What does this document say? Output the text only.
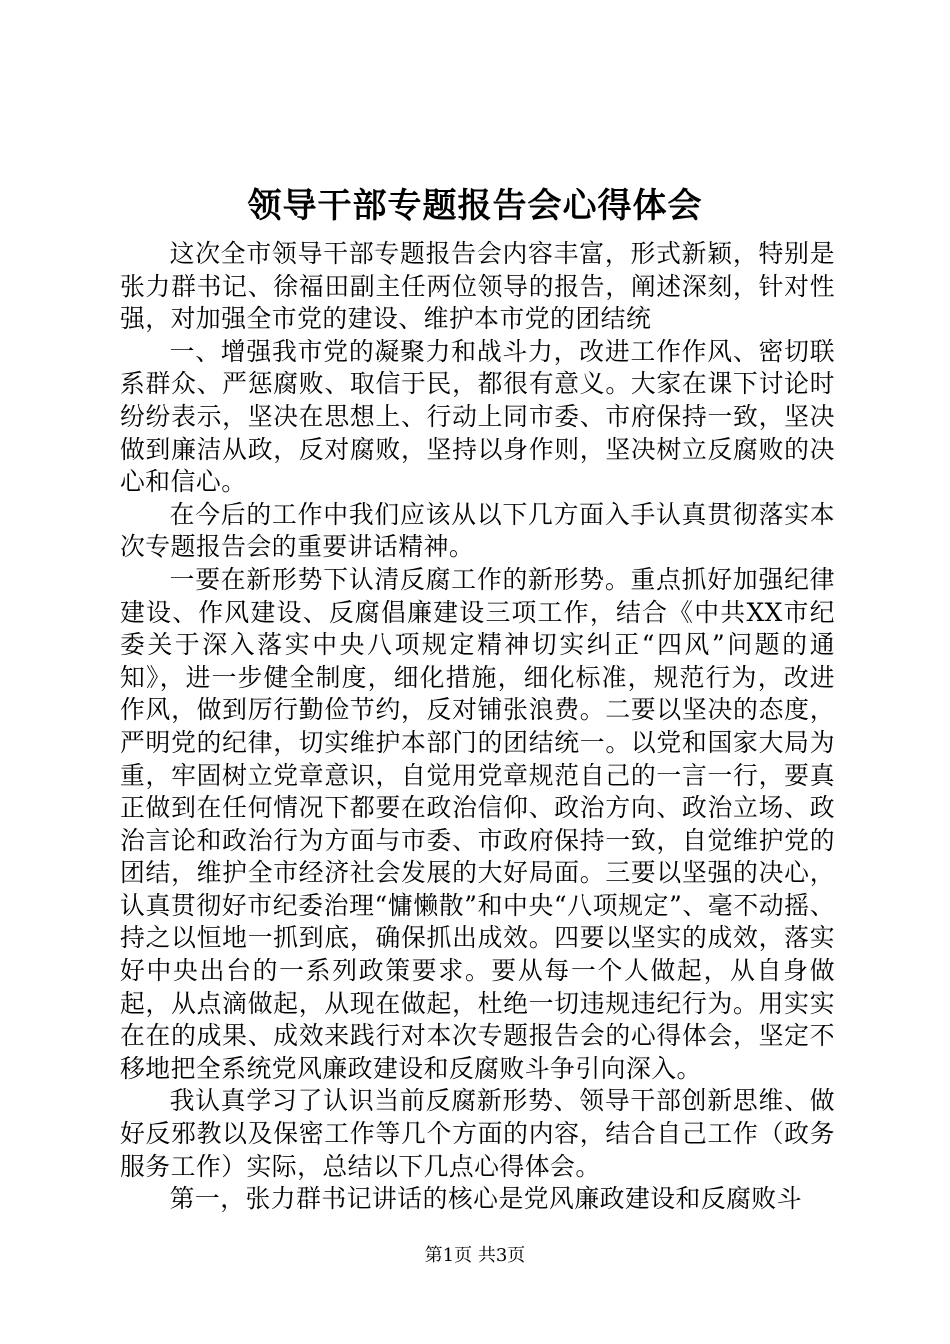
领导干部专题报告会心得体会

这次全市领导干部专题报告会内容丰富，形式新颖，特别是张力群书记、徐福田副主任两位领导的报告，阐述深刻，针对性强，对加强全市党的建设、维护本市党的团结统

一、增强我市党的凝聚力和战斗力，改进工作作风、密切联系群众、严惩腐败、取信于民，都很有意义。大家在课下讨论时纷纷表示，坚决在思想上、行动上同市委、市府保持一致，坚决做到廉洁从政，反对腐败，坚持以身作则，坚决树立反腐败的决心和信心。

在今后的工作中我们应该从以下几方面入手认真贯彻落实本次专题报告会的重要讲话精神。

一要在新形势下认清反腐工作的新形势。重点抓好加强纪律建设、作风建设、反腐倡廉建设三项工作，结合《中共XX市纪委关于深入落实中央八项规定精神切实纠正“四风”问题的通知》，进一步健全制度，细化措施，细化标准，规范行为，改进作风，做到厉行勤俭节约，反对铺张浪费。二要以坚决的态度，严明党的纪律，切实维护本部门的团结统一。以党和国家大局为重，牢固树立党章意识，自觉用党章规范自己的一言一行，要真正做到在任何情况下都要在政治信仰、政治方向、政治立场、政治言论和政治行为方面与市委、市政府保持一致，自觉维护党的团结，维护全市经济社会发展的大好局面。三要以坚强的决心，认真贯彻好市纪委治理“慵懒散”和中央“八项规定”、毫不动摇、持之以恒地一抓到底，确保抓出成效。四要以坚实的成效，落实好中央出台的一系列政策要求。要从每一个人做起，从自身做起，从点滴做起，从现在做起，杜绝一切违规违纪行为。用实实在在的成果、成效来践行对本次专题报告会的心得体会，坚定不移地把全系统党风廉政建设和反腐败斗争引向深入。

我认真学习了认识当前反腐新形势、领导干部创新思维、做好反邪教以及保密工作等几个方面的内容，结合自己工作（政务服务工作）实际，总结以下几点心得体会。

第一，张力群书记讲话的核心是党风廉政建设和反腐败斗

第1页 共3页
